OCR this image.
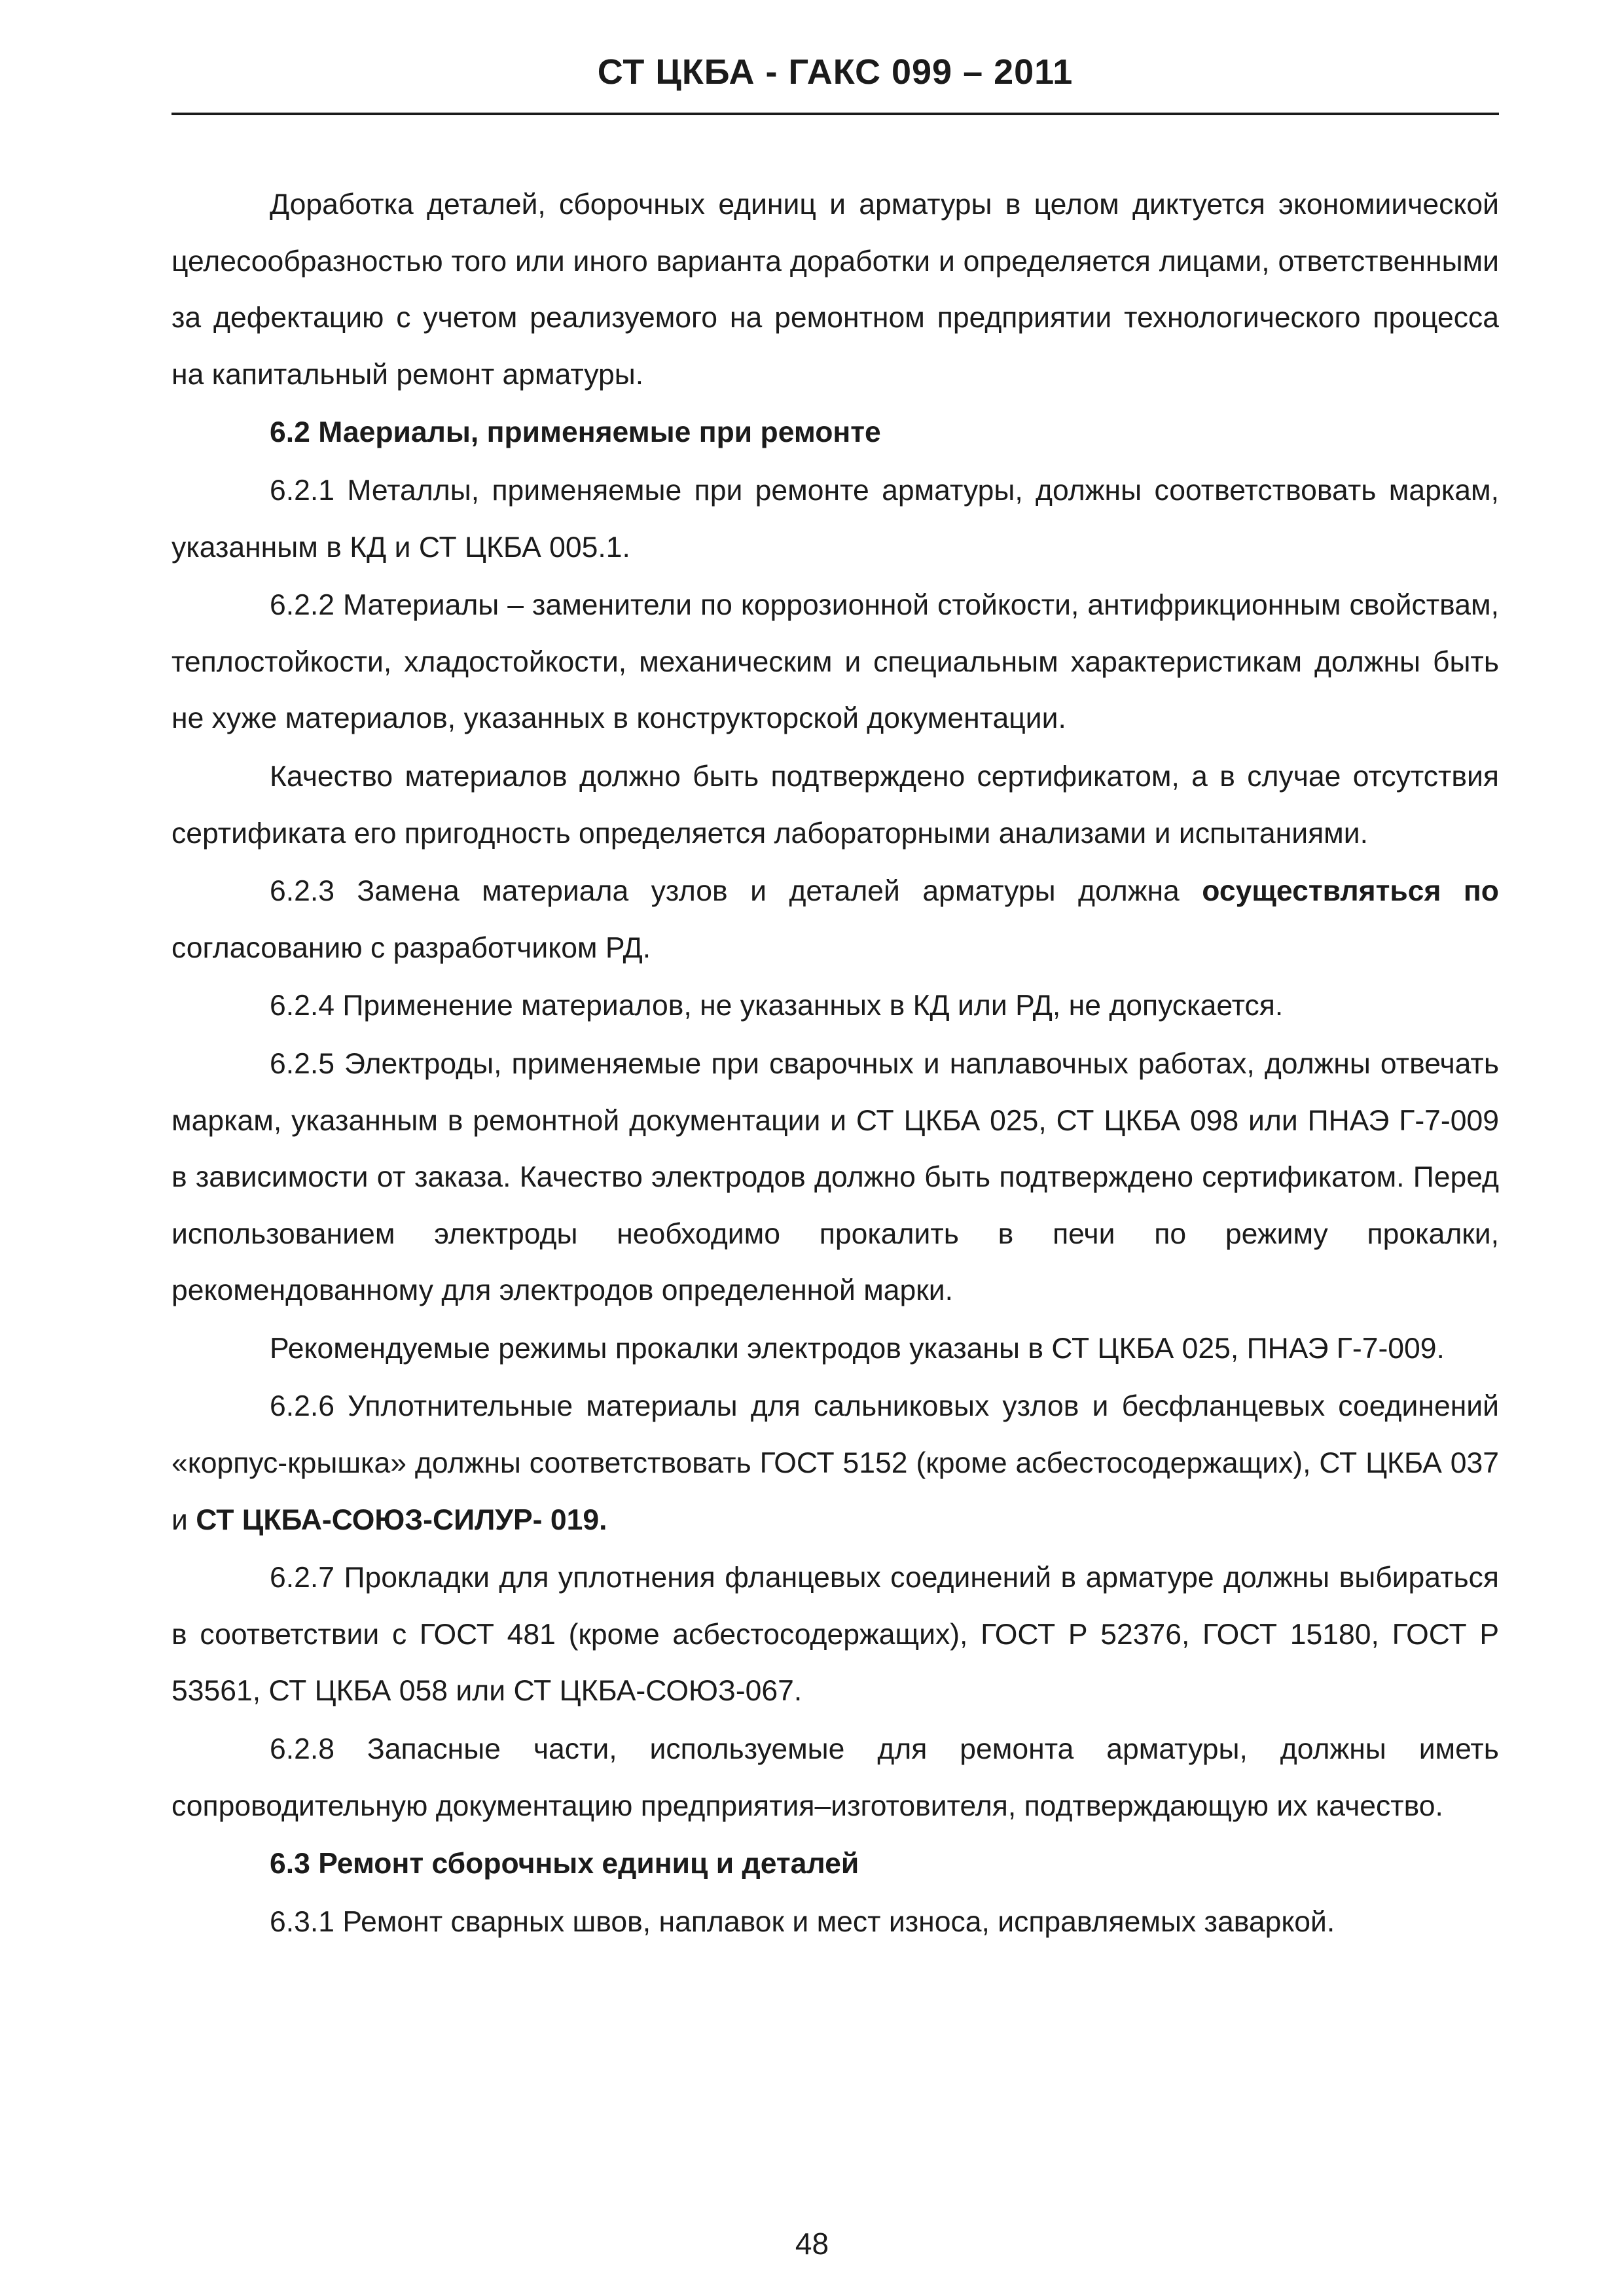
СТ ЦКБА - ГАКС 099 – 2011

Доработка деталей, сборочных единиц и арматуры в целом диктуется экономиической целесообразностью того или иного варианта доработки и определяется лицами, ответственными за дефектацию с учетом реализуемого на ремонтном предприятии технологического процесса на капитальный ремонт арматуры.

6.2 Маериалы, применяемые при ремонте

6.2.1 Металлы, применяемые при ремонте арматуры, должны соответствовать маркам, указанным в КД и СТ ЦКБА 005.1.

6.2.2 Материалы – заменители по коррозионной стойкости, антифрикционным свойствам, теплостойкости, хладостойкости, механическим и специальным характеристикам должны быть не хуже материалов, указанных в конструкторской документации.

Качество материалов должно быть подтверждено сертификатом, а в случае отсутствия сертификата его пригодность определяется лабораторными анализами и испытаниями.

6.2.3 Замена материала узлов и деталей арматуры должна осуществляться по согласованию с разработчиком РД.

6.2.4 Применение материалов, не указанных в КД или РД, не допускается.

6.2.5 Электроды, применяемые при сварочных и наплавочных работах, должны отвечать маркам, указанным в ремонтной документации и СТ ЦКБА 025, СТ ЦКБА 098 или ПНАЭ Г-7-009 в зависимости от заказа. Качество электродов должно быть подтверждено сертификатом. Перед использованием электроды необходимо прокалить в печи по режиму прокалки, рекомендованному для электродов определенной марки.

Рекомендуемые режимы прокалки электродов указаны в СТ ЦКБА 025, ПНАЭ Г-7-009.

6.2.6 Уплотнительные материалы для сальниковых узлов и бесфланцевых соединений «корпус-крышка» должны соответствовать ГОСТ 5152 (кроме асбестосодержащих), СТ ЦКБА 037 и СТ ЦКБА-СОЮЗ-СИЛУР- 019.

6.2.7 Прокладки для уплотнения фланцевых соединений в арматуре должны выбираться в соответствии с ГОСТ 481 (кроме асбестосодержащих), ГОСТ Р 52376, ГОСТ 15180, ГОСТ Р 53561, СТ ЦКБА 058 или СТ ЦКБА-СОЮЗ-067.

6.2.8 Запасные части, используемые для ремонта арматуры, должны иметь сопроводительную документацию предприятия–изготовителя, подтверждающую их качество.

6.3 Ремонт сборочных единиц и деталей

6.3.1 Ремонт сварных швов, наплавок и мест износа, исправляемых заваркой.

48
